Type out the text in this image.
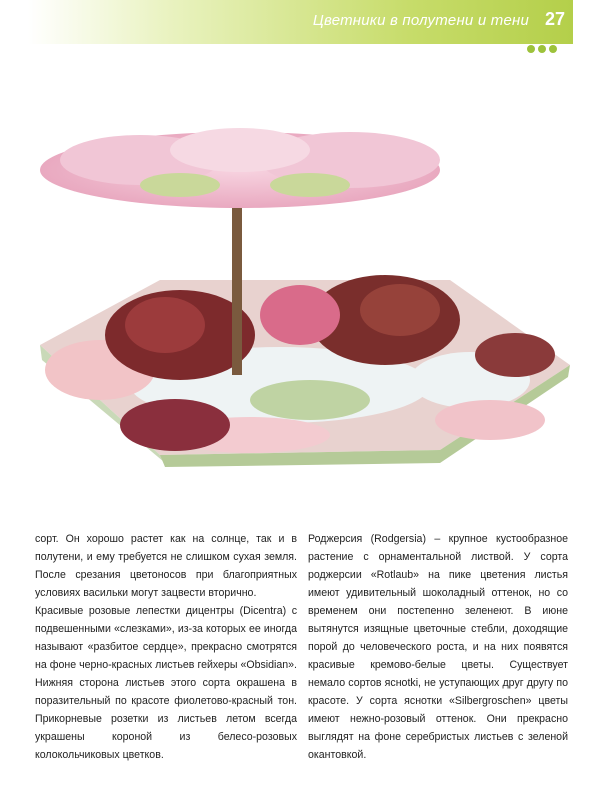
Цветники в полутени и тени 27

сорт. Он хорошо растет как на солнце, так и в полутени, и ему требуется не слишком сухая земля. После срезания цветоносов при благоприятных условиях васильки могут зацвести вторично.

Красивые розовые лепестки дицентры (Dicentra) с подвешенными «слезками», из-за которых ее иногда называют «разбитое сердце», прекрасно смотрятся на фоне черно-красных листьев гейхеры «Obsidian». Нижняя сторона листьев этого сорта окрашена в поразительный по красоте фиолетово-красный тон. Прикорневые розетки из листьев летом всегда украшены короной из белесо-розовых колокольчиковых цветков.

Роджерсия (Rodgersia) – крупное кустообразное растение с орнаментальной листвой. У сорта роджерсии «Rotlaub» на пике цветения листья имеют удивительный шоколадный оттенок, но со временем они постепенно зеленеют. В июне вытянутся изящные цветочные стебли, доходящие порой до человеческого роста, и на них появятся красивые кремово-белые цветы. Существует немало сортов ясноtki, не уступающих друг другу по красоте. У сорта яснотки «Silbergroschen» цветы имеют нежно-розовый оттенок. Они прекрасно выглядят на фоне серебристых листьев с зеленой окантовкой.
